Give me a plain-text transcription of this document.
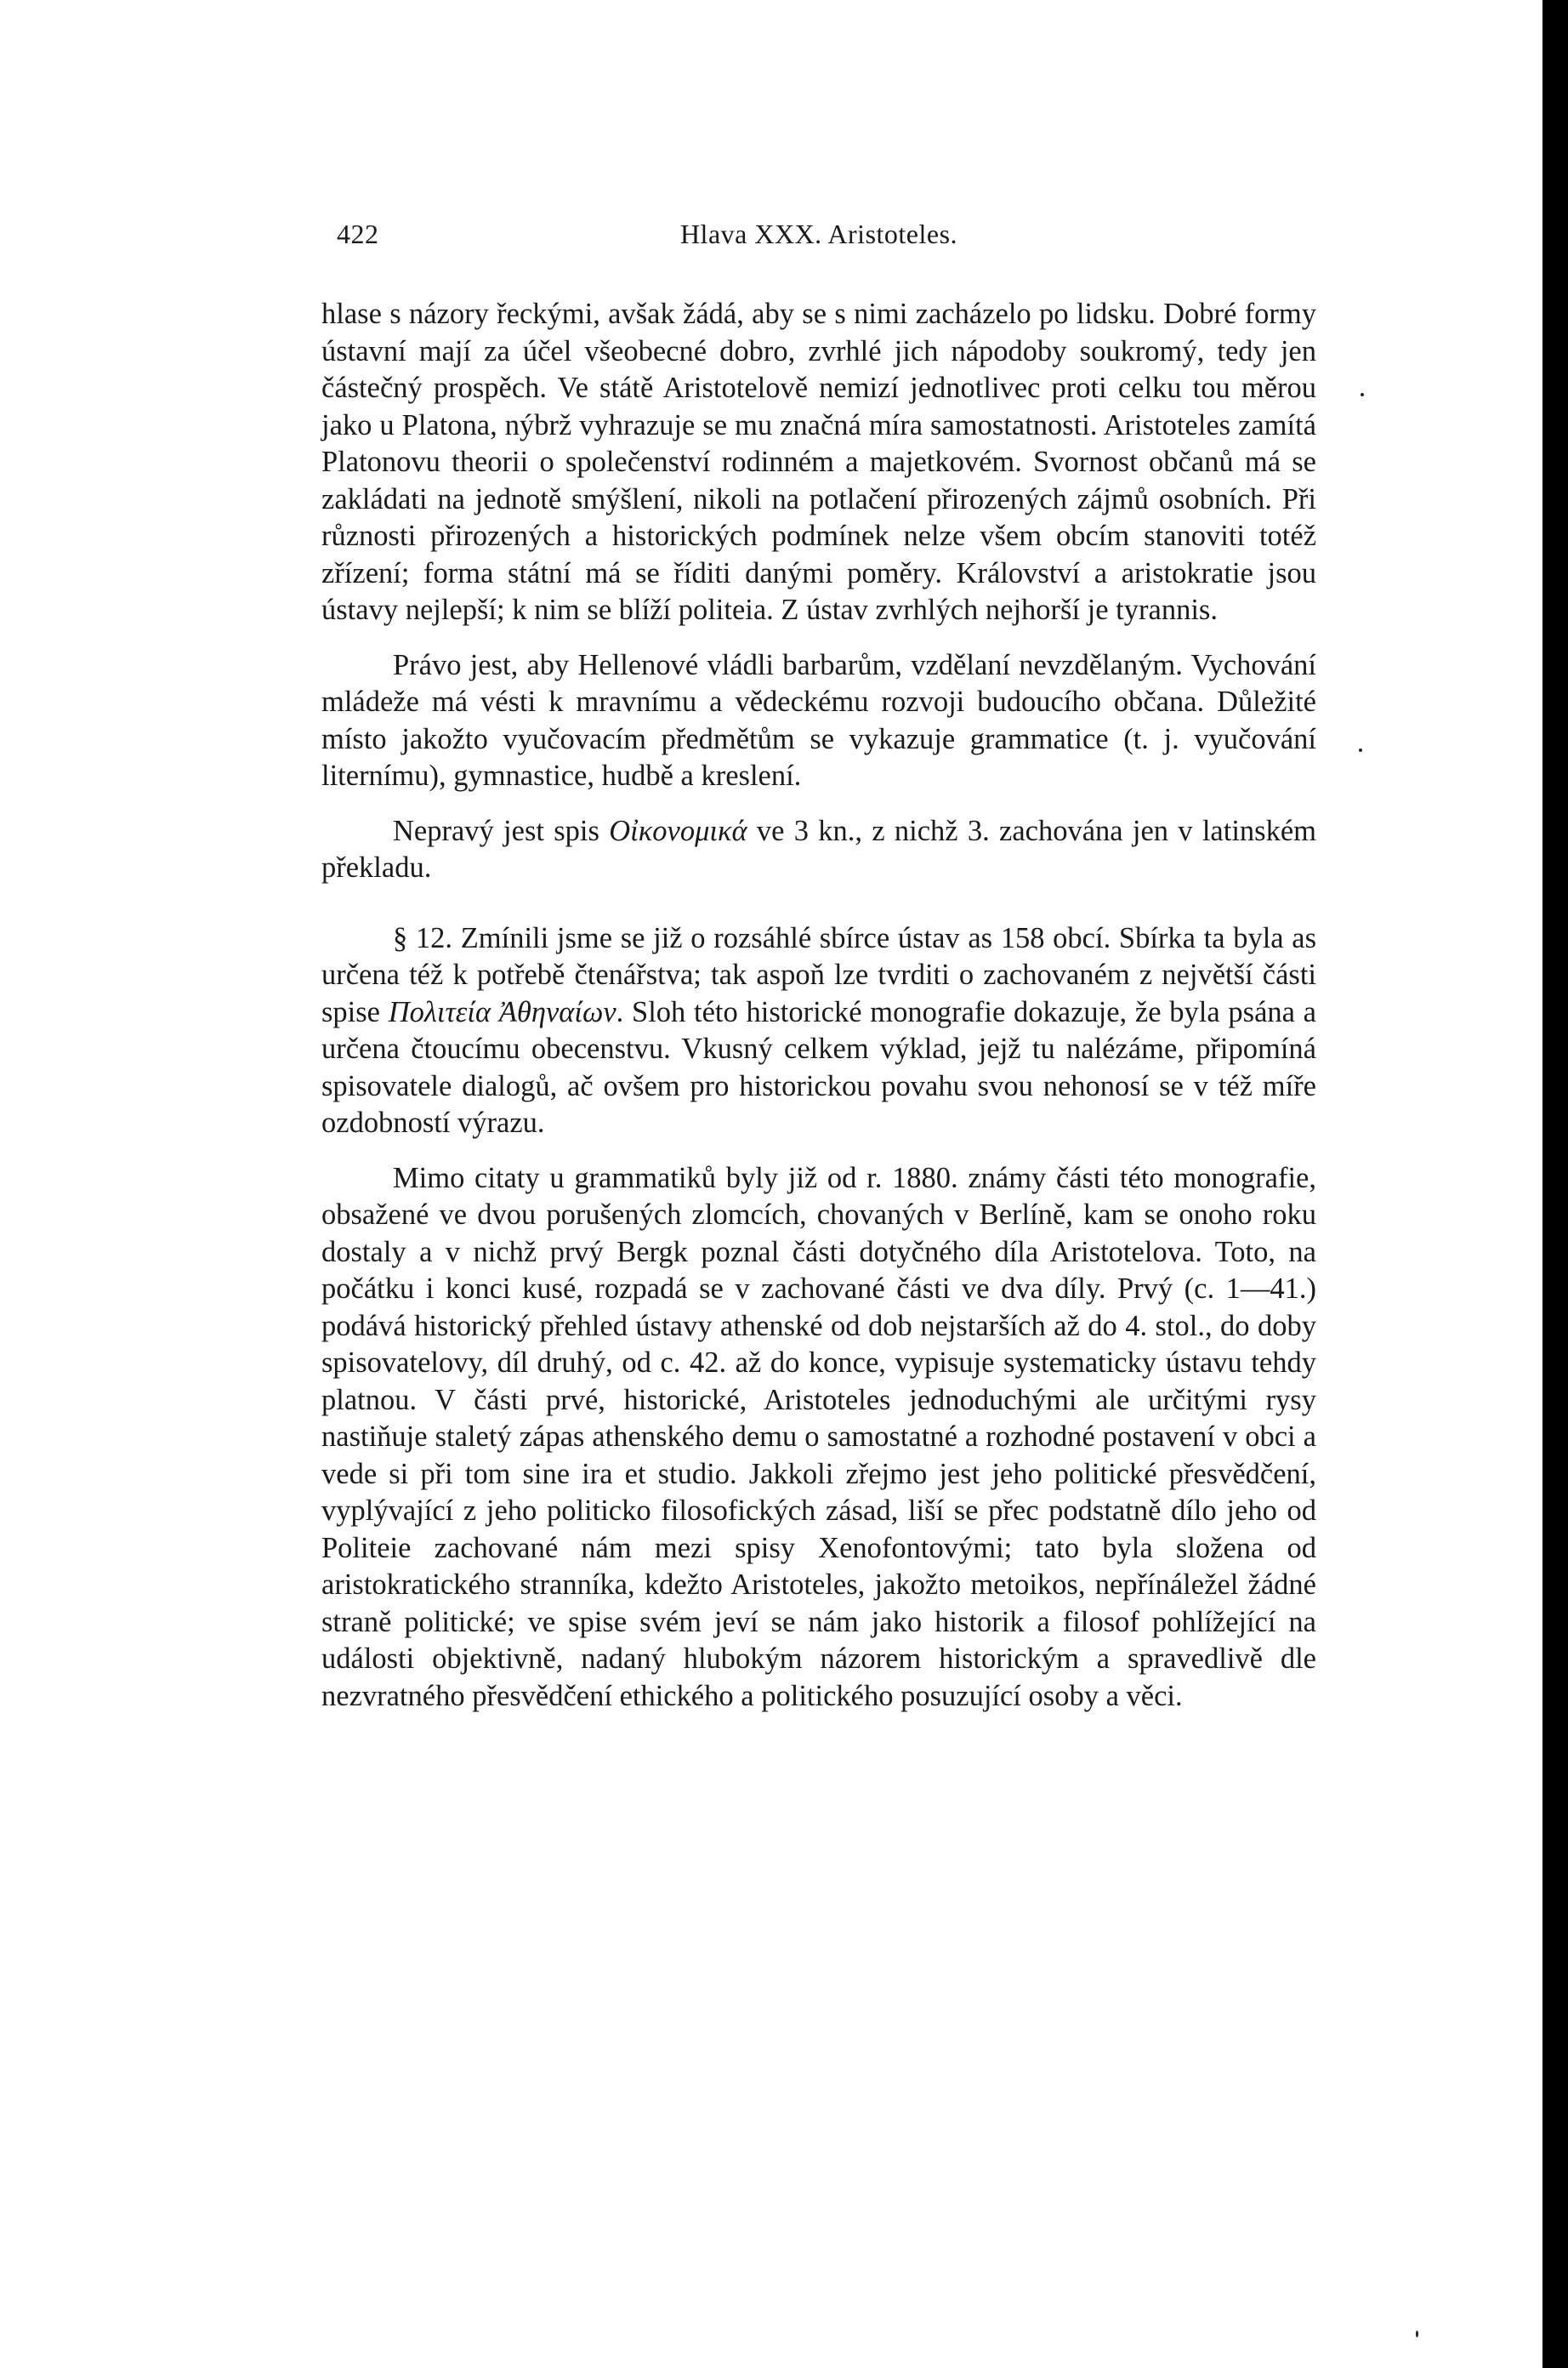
422	Hlava XXX. Aristoteles.

hlase s názory řeckými, avšak žádá, aby se s nimi zacházelo po lidsku. Dobré formy ústavní mají za účel všeobecné dobro, zvrhlé jich nápodoby soukromý, tedy jen částečný prospěch. Ve státě Aristotelově nemizí jednotlivec proti celku tou měrou jako u Platona, nýbrž vyhrazuje se mu značná míra samostatnosti. Aristoteles zamítá Platonovu theorii o společenství rodinném a majetkovém. Svornost občanů má se zakládati na jednotě smýšlení, nikoli na potlačení přirozených zájmů osobních. Při různosti přirozených a historických podmínek nelze všem obcím stanoviti totéž zřízení; forma státní má se říditi danými poměry. Království a aristokratie jsou ústavy nejlepší; k nim se blíží politeia. Z ústav zvrhlých nejhorší je tyrannis.

Právo jest, aby Hellenové vládli barbarům, vzdělaní nevzdělaným. Vychování mládeže má vésti k mravnímu a vědeckému rozvoji budoucího občana. Důležité místo jakožto vyučovacím předmětům se vykazuje grammatice (t. j. vyučování liternímu), gymnastice, hudbě a kreslení.

Nepravý jest spis Οἰκονομικά ve 3 kn., z nichž 3. zachována jen v latinském překladu.

§ 12. Zmínili jsme se již o rozsáhlé sbírce ústav as 158 obcí. Sbírka ta byla as určena též k potřebě čtenářstva; tak aspoň lze tvrditi o zachovaném z největší části spise Πολιτεία Ἀθηναίων. Sloh této historické monografie dokazuje, že byla psána a určena čtoucímu obecenstvu. Vkusný celkem výklad, jejž tu nalézáme, připomíná spisovatele dialogů, ač ovšem pro historickou povahu svou nehonosí se v též míře ozdobností výrazu.

Mimo citaty u grammatiků byly již od r. 1880. známy části této monografie, obsažené ve dvou porušených zlomcích, chovaných v Berlíně, kam se onoho roku dostaly a v nichž prvý Bergk poznal části dotyčného díla Aristotelova. Toto, na počátku i konci kusé, rozpadá se v zachované části ve dva díly. Prvý (c. 1—41.) podává historický přehled ústavy athenské od dob nejstarších až do 4. stol., do doby spisovatelovy, díl druhý, od c. 42. až do konce, vypisuje systematicky ústavu tehdy platnou. V části prvé, historické, Aristoteles jednoduchými ale určitými rysy nastiňuje staletý zápas athenského demu o samostatné a rozhodné postavení v obci a vede si při tom sine ira et studio. Jakkoli zřejmo jest jeho politické přesvědčení, vyplývající z jeho politicko filosofických zásad, liší se přec podstatně dílo jeho od Politeie zachované nám mezi spisy Xenofontovými; tato byla složena od aristokratického stranníka, kdežto Aristoteles, jakožto metoikos, nepřínáležel žádné straně politické; ve spise svém jeví se nám jako historik a filosof pohlížející na události objektivně, nadaný hlubokým názorem historickým a spravedlivě dle nezvratného přesvědčení ethického a politického posuzující osoby a věci.
